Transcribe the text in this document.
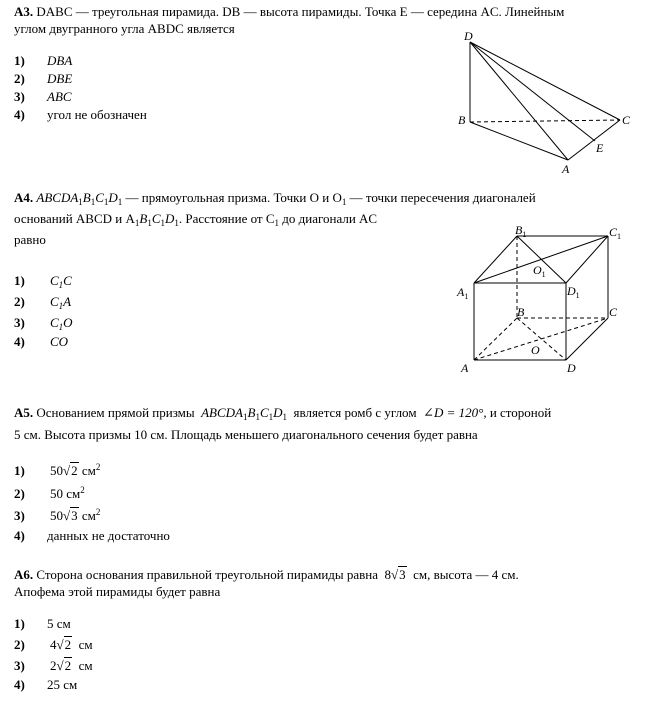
А3. DABC — треугольная пирамида. DB — высота пирамиды. Точка E — середина AC. Линейным
углом двугранного угла ABDC является
1) DBA
2) DBE
3) ABC
4) угол не обозначен
D
B	C
A
E
А4. $ABCDA_1B_1C_1D_1$ — прямоугольная призма. Точки O и $O_1$ — точки пересечения диагоналей
оснований ABCD и $A_1B_1C_1D_1$. Расстояние от $C_1$ до диагонали AC
равно
1) $C_1C$
2) $C_1A$
3) $C_1O$
4) CO
$B_1$	$C_1$
$O_1$
$A_1$	$D_1$
B	C
O
A	D
А5. Основанием прямой призмы $ABCDA_1B_1C_1D_1$ является ромб с углом ∠D = 120°, и стороной
5 см. Высота призмы 10 см. Площадь меньшего диагонального сечения будет равна
1) 50√2 $см^2$
2) 50 $см^2$
3) 50√3 $см^2$
4) данных не достаточно
А6. Сторона основания правильной треугольной пирамиды равна 8√3 см, высота — 4 см.
Апофема этой пирамиды будет равна
1) 5 см
2) 4√2 см
3) 2√2 см
4) 25 см
